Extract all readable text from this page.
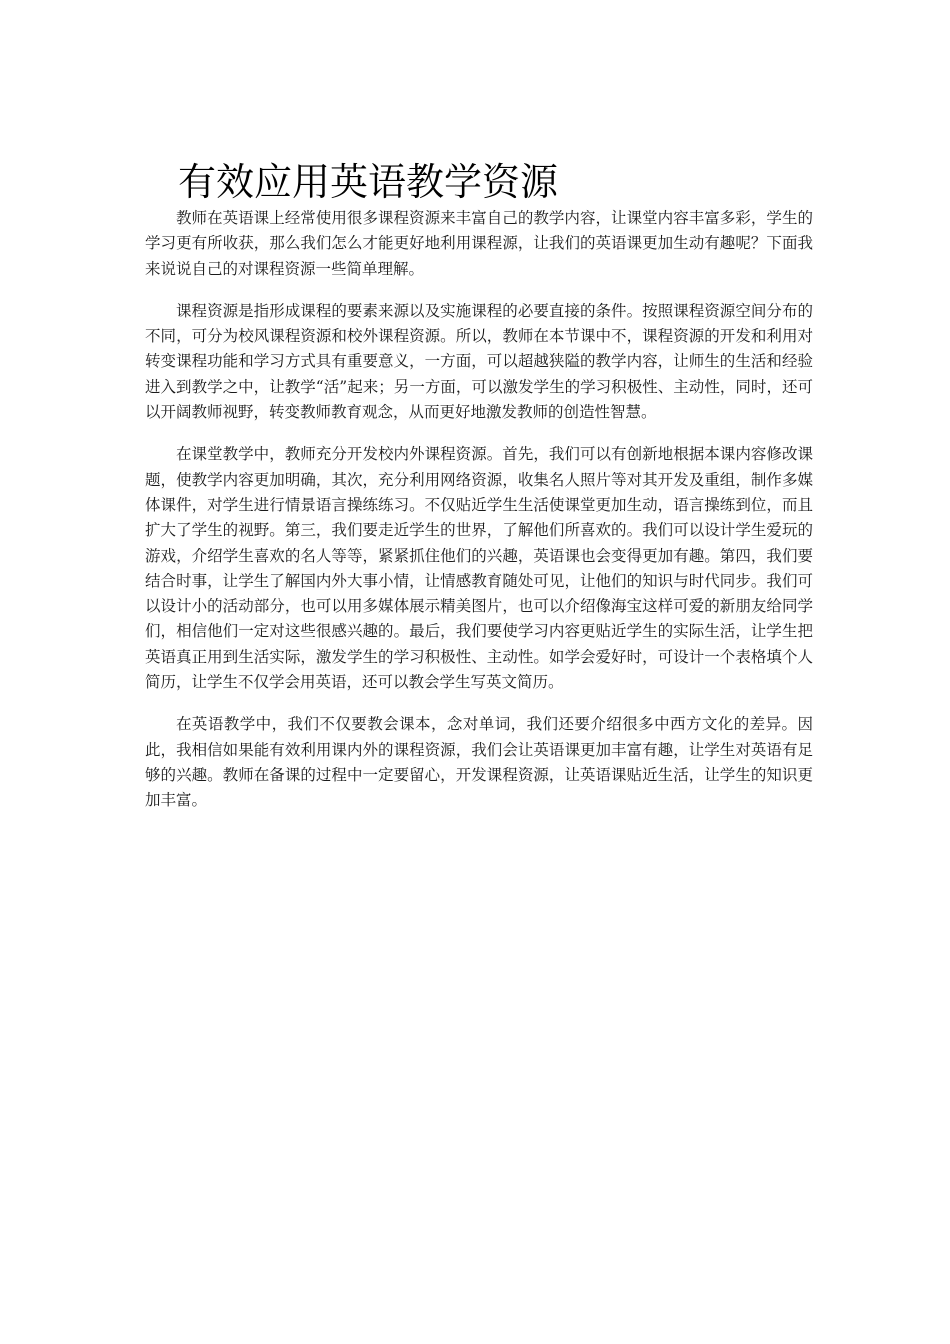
有效应用英语教学资源

教师在英语课上经常使用很多课程资源来丰富自己的教学内容，让课堂内容丰富多彩，学生的学习更有所收获，那么我们怎么才能更好地利用课程源，让我们的英语课更加生动有趣呢？下面我来说说自己的对课程资源一些简单理解。

课程资源是指形成课程的要素来源以及实施课程的必要直接的条件。按照课程资源空间分布的不同，可分为校风课程资源和校外课程资源。所以，教师在本节课中不，课程资源的开发和利用对转变课程功能和学习方式具有重要意义，一方面，可以超越狭隘的教学内容，让师生的生活和经验进入到教学之中，让教学“活”起来；另一方面，可以激发学生的学习积极性、主动性，同时，还可以开阔教师视野，转变教师教育观念，从而更好地激发教师的创造性智慧。

在课堂教学中，教师充分开发校内外课程资源。首先，我们可以有创新地根据本课内容修改课题，使教学内容更加明确，其次，充分利用网络资源，收集名人照片等对其开发及重组，制作多媒体课件，对学生进行情景语言操练练习。不仅贴近学生生活使课堂更加生动，语言操练到位，而且扩大了学生的视野。第三，我们要走近学生的世界，了解他们所喜欢的。我们可以设计学生爱玩的游戏，介绍学生喜欢的名人等等，紧紧抓住他们的兴趣，英语课也会变得更加有趣。第四，我们要结合时事，让学生了解国内外大事小情，让情感教育随处可见，让他们的知识与时代同步。我们可以设计小的活动部分，也可以用多媒体展示精美图片，也可以介绍像海宝这样可爱的新朋友给同学们，相信他们一定对这些很感兴趣的。最后，我们要使学习内容更贴近学生的实际生活，让学生把英语真正用到生活实际，激发学生的学习积极性、主动性。如学会爱好时，可设计一个表格填个人简历，让学生不仅学会用英语，还可以教会学生写英文简历。

在英语教学中，我们不仅要教会课本，念对单词，我们还要介绍很多中西方文化的差异。因此，我相信如果能有效利用课内外的课程资源，我们会让英语课更加丰富有趣，让学生对英语有足够的兴趣。教师在备课的过程中一定要留心，开发课程资源，让英语课贴近生活，让学生的知识更加丰富。
